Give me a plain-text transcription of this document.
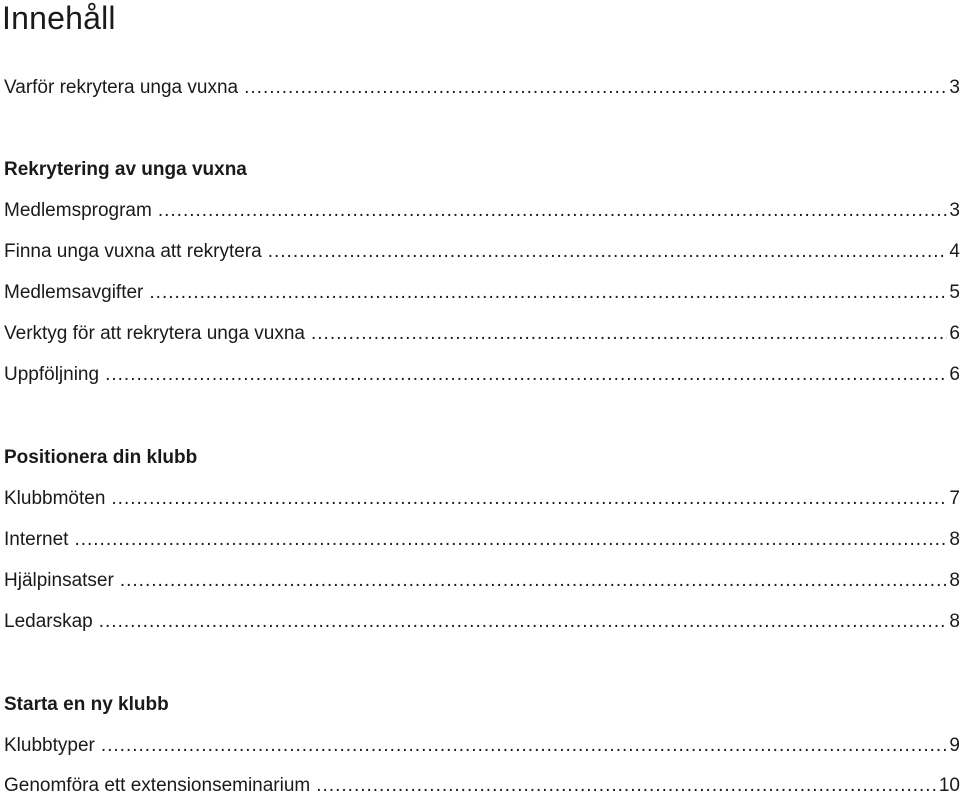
Innehåll
Varför rekrytera unga vuxna .....	3
Rekrytering av unga vuxna
Medlemsprogram .....	3
Finna unga vuxna att rekrytera .....	4
Medlemsavgifter .....	5
Verktyg för att rekrytera unga vuxna .....	6
Uppföljning .....	6
Positionera din klubb
Klubbmöten .....	7
Internet .....	8
Hjälpinsatser .....	8
Ledarskap .....	8
Starta en ny klubb
Klubbtyper .....	9
Genomföra ett extensionseminarium .....	10
